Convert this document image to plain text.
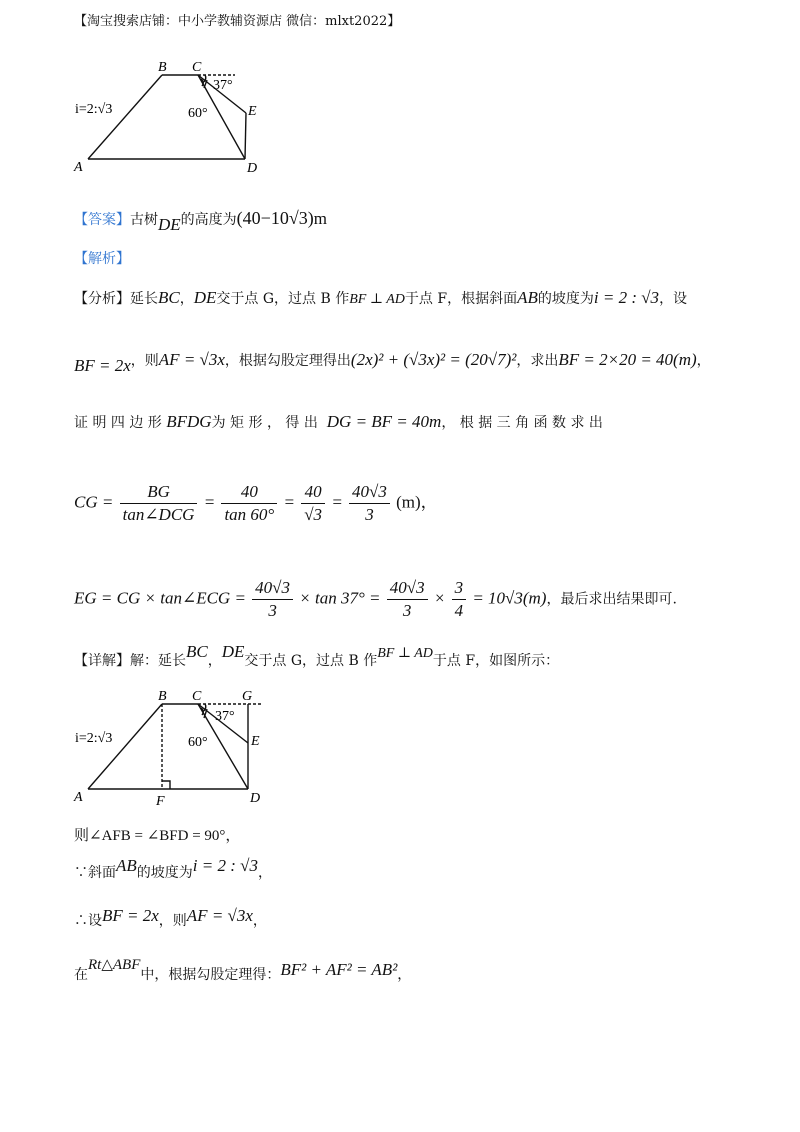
【淘宝搜索店铺：中小学教辅资源店 微信：mlxt2022】
B C
37°
60°	E
i=2:√3
A	D
【答案】古树DE的高度为(40−10√3)m
【解析】
【分析】延长BC，DE交于点 G，过点 B 作BF ⊥ AD于点 F，根据斜面AB的坡度为i = 2 : √3，设
BF = 2x，则AF = √3x，根据勾股定理得出(2x)² + (√3x)² = (20√7)²，求出BF = 2×20 = 40(m)，
证 明 四 边 形 BFDG为 矩 形 ， 得 出 DG = BF = 40m， 根 据 三 角 函 数 求 出
CG = $\frac{BG}{\text{tan∠DCG}} = \frac{40}{\tan 60^\circ} = \frac{40}{√3} = \frac{40√3}{3} (m)$，
EG = CG × tan∠ECG = $\frac{40√3}{3} \times \tan 37^\circ = \frac{40√3}{3} \times \frac{3}{4} = 10√3(m)$，最后求出结果即可.
【详解】解：延长BC，DE交于点 G，过点 B 作BF ⊥ AD于点 F，如图所示：
B C	G
37°
60°	E
i=2:√3
A	F	D
则∠AFB = ∠BFD = 90°，
∵斜面AB的坡度为i = 2 : √3，
∴设BF = 2x，则AF = √3x，
在Rt△ABF中，根据勾股定理得：BF² + AF² = AB²，
